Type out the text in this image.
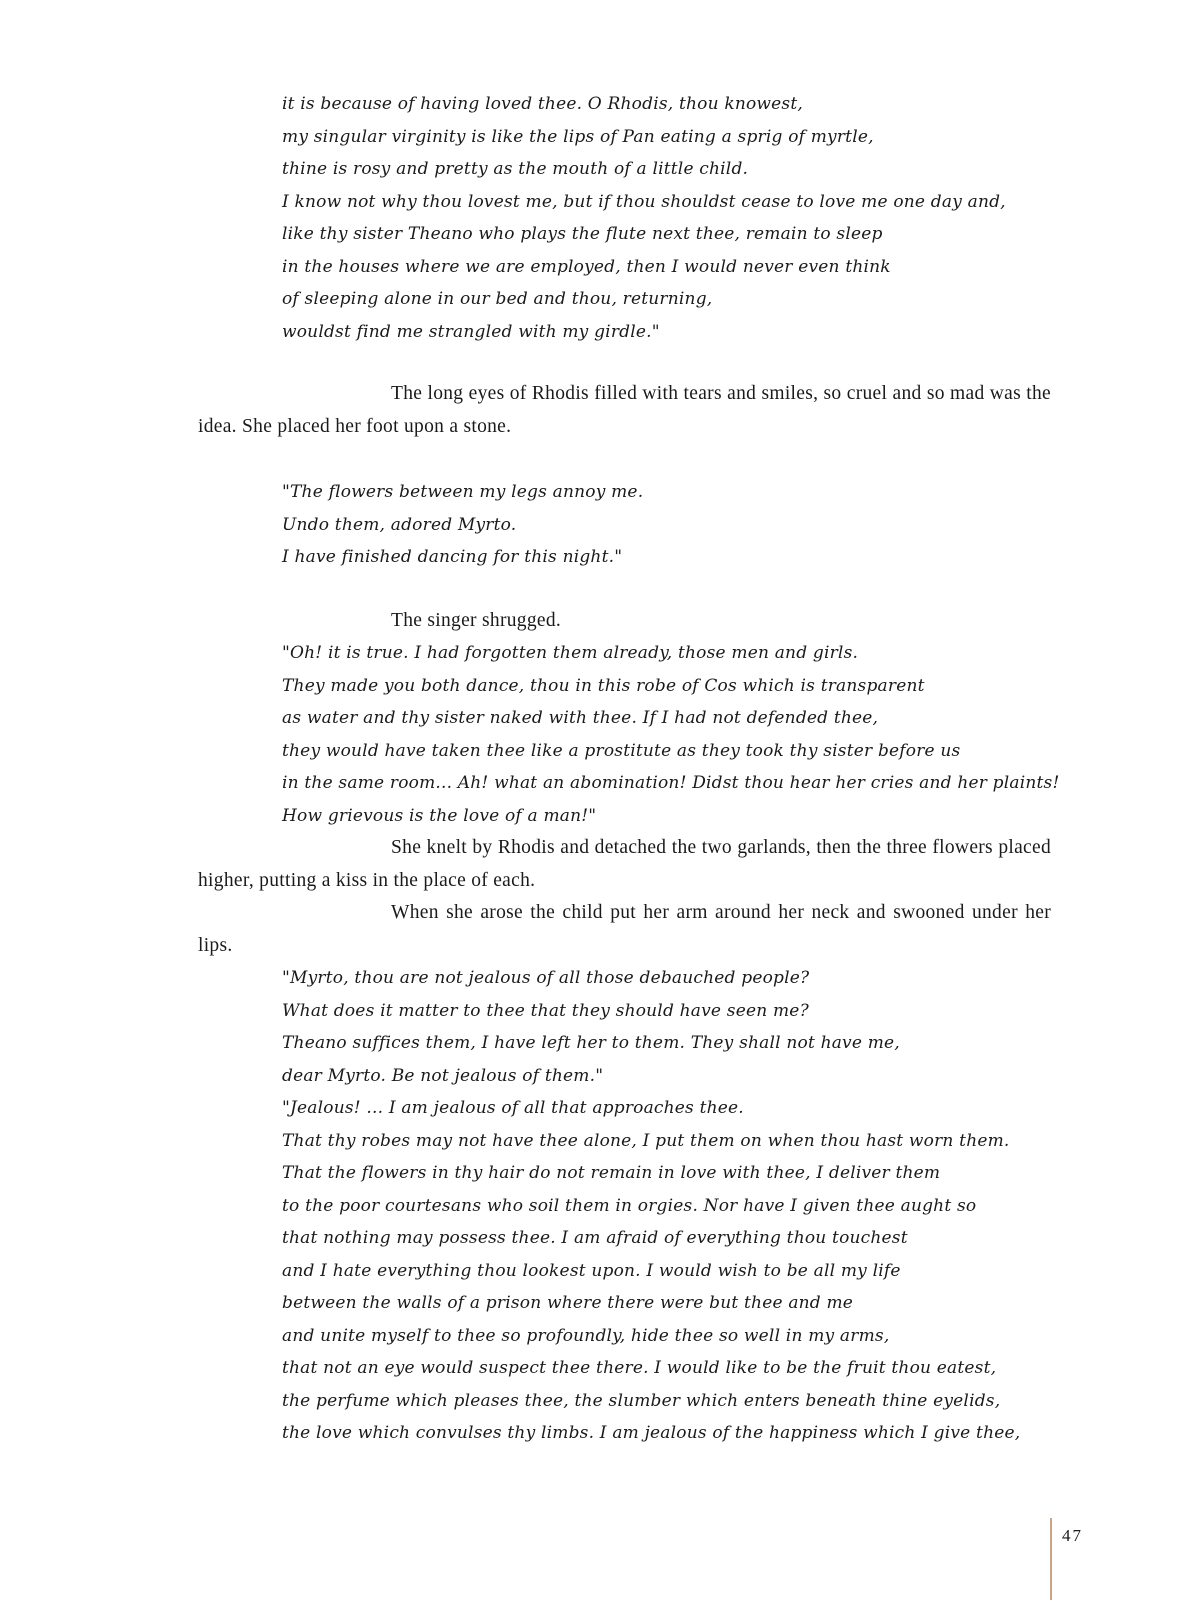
it is because of having loved thee. O Rhodis, thou knowest,
my singular virginity is like the lips of Pan eating a sprig of myrtle,
thine is rosy and pretty as the mouth of a little child.
I know not why thou lovest me, but if thou shouldst cease to love me one day and,
like thy sister Theano who plays the flute next thee, remain to sleep
in the houses where we are employed, then I would never even think
of sleeping alone in our bed and thou, returning,
wouldst find me strangled with my girdle."
The long eyes of Rhodis filled with tears and smiles, so cruel and so mad was the idea. She placed her foot upon a stone.
"The flowers between my legs annoy me.
Undo them, adored Myrto.
I have finished dancing for this night."
The singer shrugged.
"Oh! it is true. I had forgotten them already, those men and girls.
They made you both dance, thou in this robe of Cos which is transparent
as water and thy sister naked with thee. If I had not defended thee,
they would have taken thee like a prostitute as they took thy sister before us
in the same room... Ah! what an abomination! Didst thou hear her cries and her plaints!
How grievous is the love of a man!"
She knelt by Rhodis and detached the two garlands, then the three flowers placed higher, putting a kiss in the place of each.
When she arose the child put her arm around her neck and swooned under her lips.
"Myrto, thou are not jealous of all those debauched people?
What does it matter to thee that they should have seen me?
Theano suffices them, I have left her to them. They shall not have me,
dear Myrto. Be not jealous of them."
"Jealous! ... I am jealous of all that approaches thee.
That thy robes may not have thee alone, I put them on when thou hast worn them.
That the flowers in thy hair do not remain in love with thee, I deliver them
to the poor courtesans who soil them in orgies. Nor have I given thee aught so
that nothing may possess thee. I am afraid of everything thou touchest
and I hate everything thou lookest upon. I would wish to be all my life
between the walls of a prison where there were but thee and me
and unite myself to thee so profoundly, hide thee so well in my arms,
that not an eye would suspect thee there. I would like to be the fruit thou eatest,
the perfume which pleases thee, the slumber which enters beneath thine eyelids,
the love which convulses thy limbs. I am jealous of the happiness which I give thee,
47
